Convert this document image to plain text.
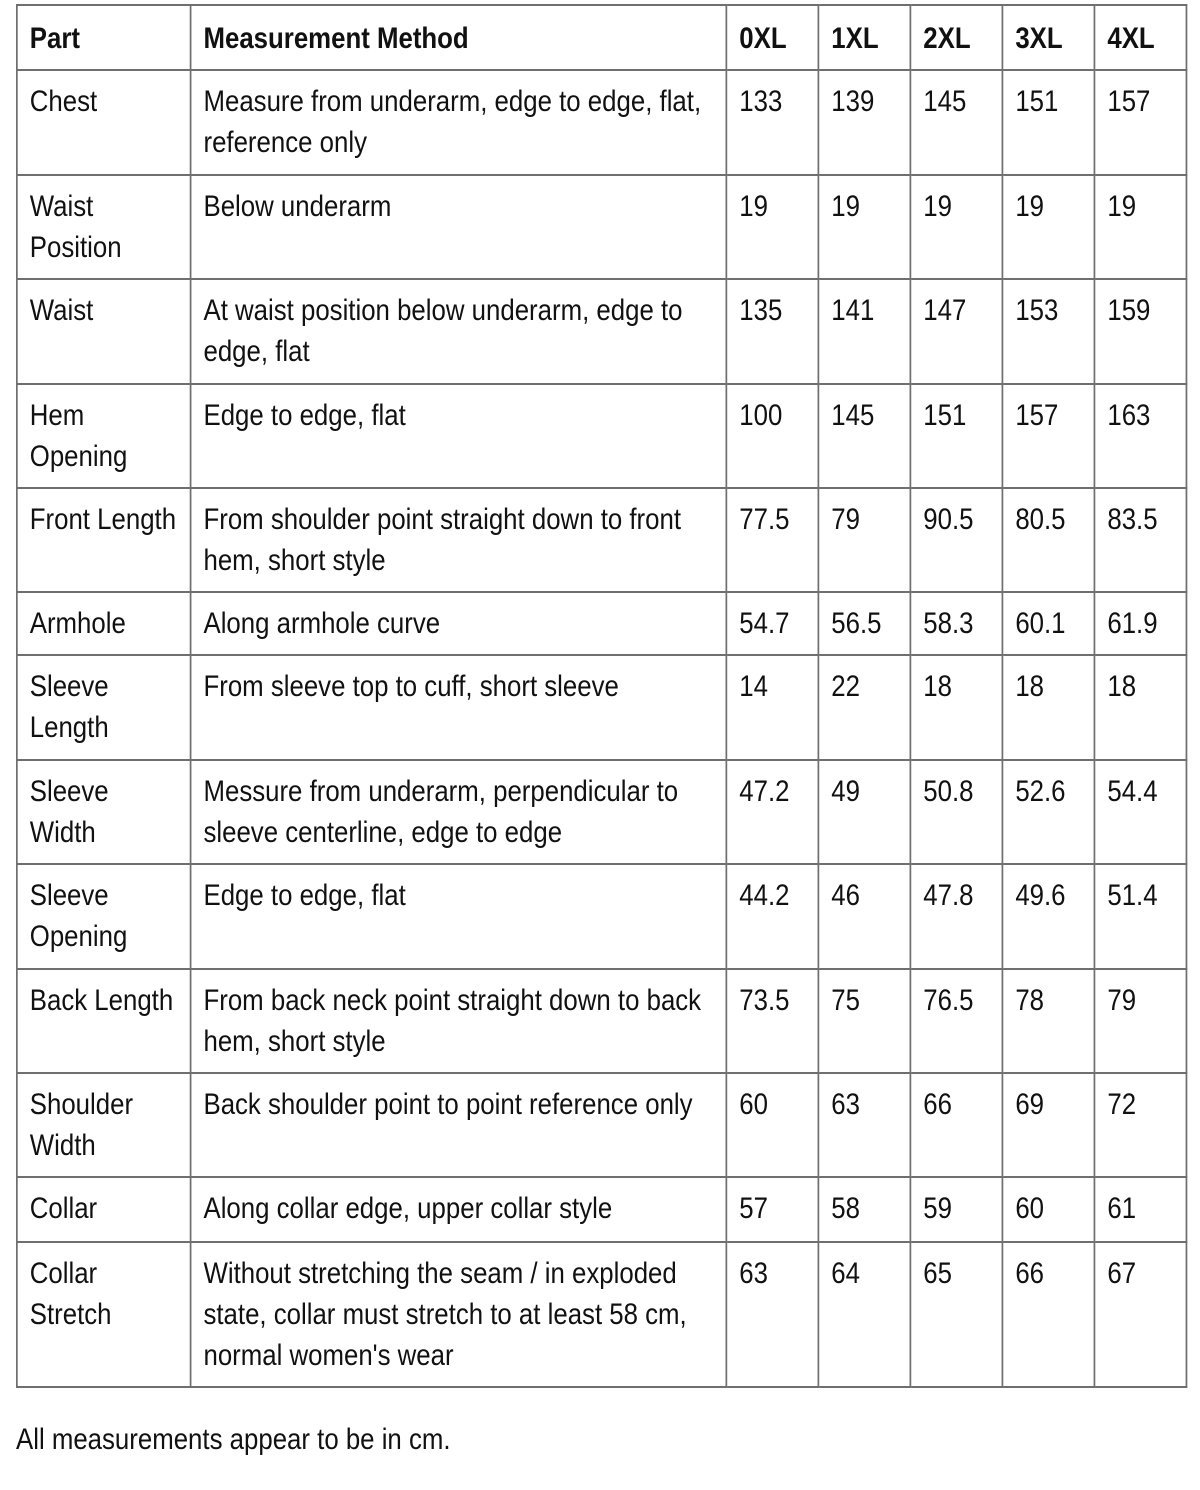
Part	Measurement Method	0XL	1XL	2XL	3XL	4XL
Chest	Measure from underarm, edge to edge, flat, reference only	133	139	145	151	157
Waist Position	Below underarm	19	19	19	19	19
Waist	At waist position below underarm, edge to edge, flat	135	141	147	153	159
Hem Opening	Edge to edge, flat	100	145	151	157	163
Front Length	From shoulder point straight down to front hem, short style	77.5	79	90.5	80.5	83.5
Armhole	Along armhole curve	54.7	56.5	58.3	60.1	61.9
Sleeve Length	From sleeve top to cuff, short sleeve	14	22	18	18	18
Sleeve Width	Messure from underarm, perpendicular to sleeve centerline, edge to edge	47.2	49	50.8	52.6	54.4
Sleeve Opening	Edge to edge, flat	44.2	46	47.8	49.6	51.4
Back Length	From back neck point straight down to back hem, short style	73.5	75	76.5	78	79
Shoulder Width	Back shoulder point to point reference only	60	63	66	69	72
Collar	Along collar edge, upper collar style	57	58	59	60	61
Collar Stretch	Without stretching the seam / in exploded state, collar must stretch to at least 58 cm, normal women's wear	63	64	65	66	67
All measurements appear to be in cm.
